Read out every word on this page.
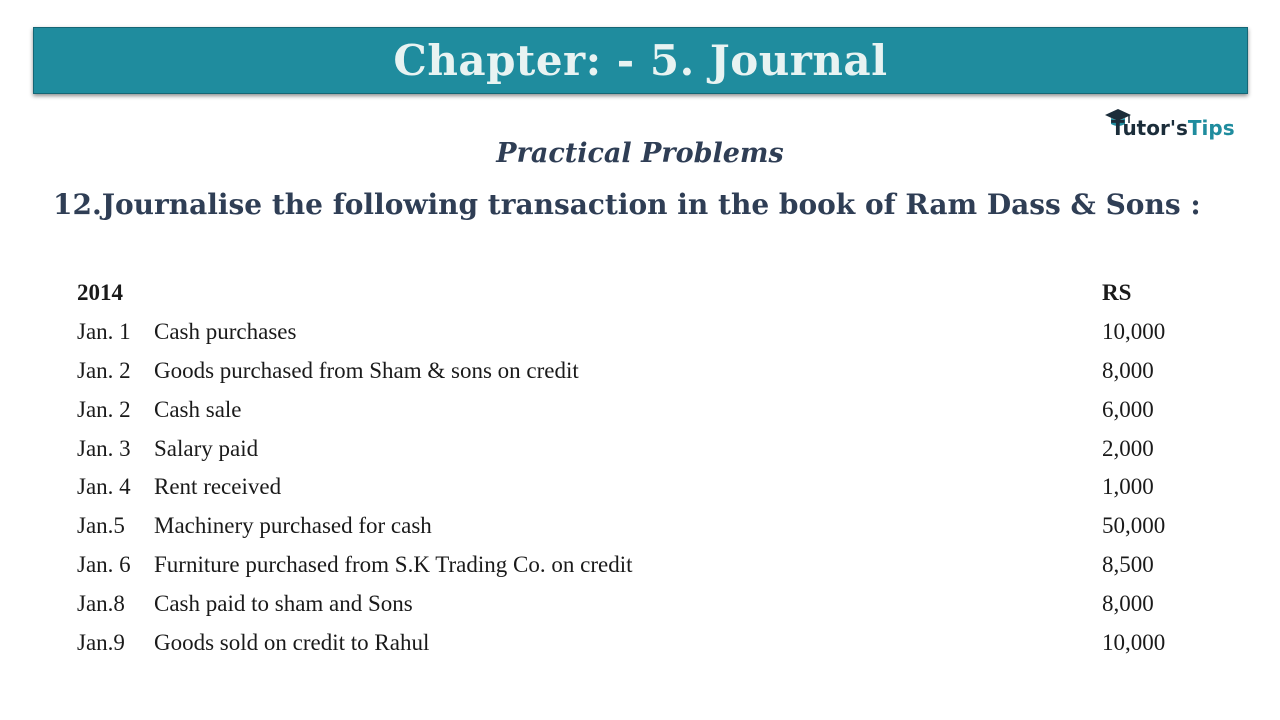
Chapter: - 5. Journal
Tutor'sTips
Practical Problems
12.Journalise the following transaction in the book of Ram Dass & Sons :
2014	RS
Jan. 1 Cash purchases	10,000
Jan. 2 Goods purchased from Sham & sons on credit	8,000
Jan. 2 Cash sale	6,000
Jan. 3 Salary paid	2,000
Jan. 4 Rent received	1,000
Jan.5 Machinery purchased for cash	50,000
Jan. 6 Furniture purchased from S.K Trading Co. on credit	8,500
Jan.8 Cash paid to sham and Sons	8,000
Jan.9 Goods sold on credit to Rahul	10,000
